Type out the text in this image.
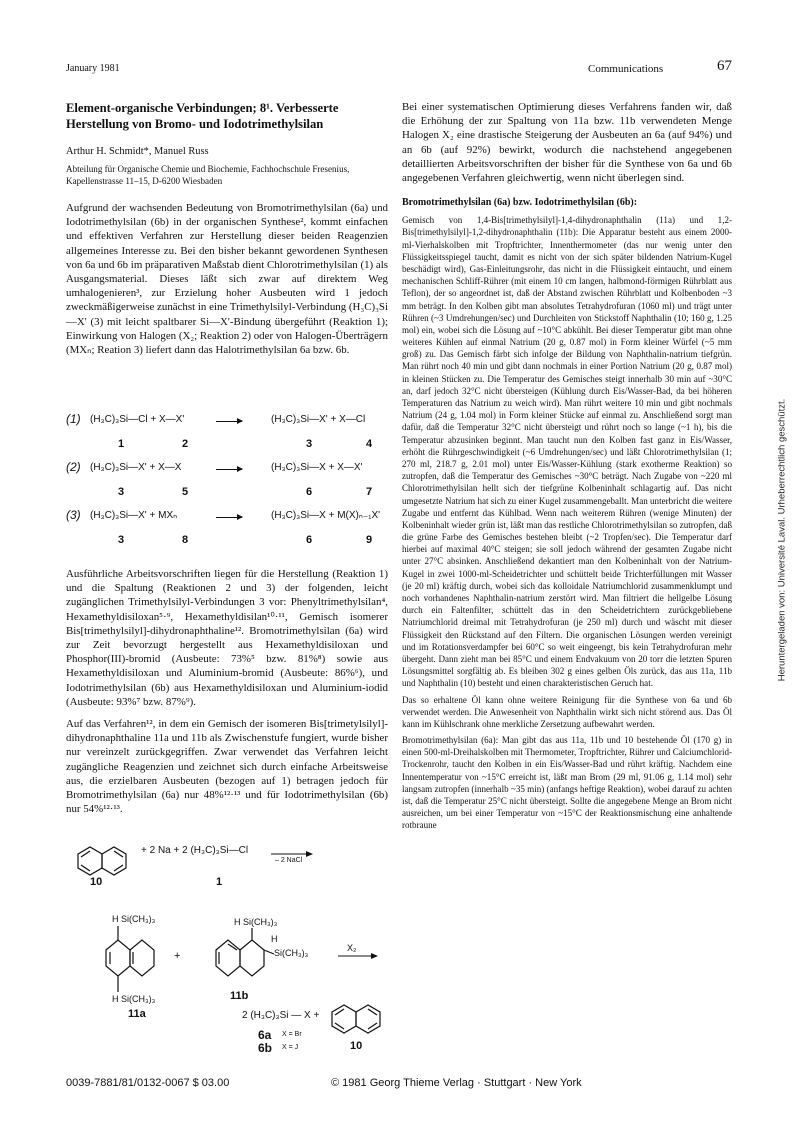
January 1981	Communications	67

Element-organische Verbindungen; 8¹. Verbesserte Herstellung von Bromo- und Iodotrimethylsilan

Arthur H. Schmidt*, Manuel Russ

Abteilung für Organische Chemie und Biochemie, Fachhochschule Fresenius, Kapellenstrasse 11–15, D-6200 Wiesbaden

Aufgrund der wachsenden Bedeutung von Bromotrimethylsilan (6a) und Iodotrimethylsilan (6b) in der organischen Synthese², kommt einfachen und effektiven Verfahren zur Herstellung dieser beiden Reagenzien allgemeines Interesse zu. Bei den bisher bekannt gewordenen Synthesen von 6a und 6b im präparativen Maßstab dient Chlorotrimethylsilan (1) als Ausgangsmaterial. Dieses läßt sich zwar auf direktem Weg umhalogenieren³, zur Erzielung hoher Ausbeuten wird 1 jedoch zweckmäßigerweise zunächst in eine Trimethylsilyl-Verbindung (H₃C)₃Si—X' (3) mit leicht spaltbarer Si—X'-Bindung übergeführt (Reaktion 1); Einwirkung von Halogen (X₂; Reaktion 2) oder von Halogen-Überträgern (MXₙ; Reation 3) liefert dann das Halotrimethylsilan 6a bzw. 6b.

(1) (H₃C)₃Si—Cl + X—X'	(H₃C)₃Si—X' + X—Cl
1	2	3	4
(2) (H₃C)₃Si—X' + X—X	(H₃C)₃Si—X + X—X'
3	5	6	7
(3) (H₃C)₃Si—X' + MXₙ	(H₃C)₃Si—X + M(X)ₙ₋₁X'
3	8	6	9

Ausführliche Arbeitsvorschriften liegen für die Herstellung (Reaktion 1) und die Spaltung (Reaktionen 2 und 3) der folgenden, leicht zugänglichen Trimethylsilyl-Verbindungen 3 vor: Phenyltrimethylsilan⁴, Hexamethyldisiloxan⁵·⁹, Hexamethyldisilan¹⁰·¹¹, Gemisch isomerer Bis[trimethylsilyl]-dihydronaphthaline¹². Bromotrimethylsilan (6a) wird zur Zeit bevorzugt hergestellt aus Hexamethyldisiloxan und Phosphor(III)-bromid (Ausbeute: 73%⁵ bzw. 81%⁸) sowie aus Hexamethyldisiloxan und Aluminium-bromid (Ausbeute: 86%⁶), und Iodotrimethylsilan (6b) aus Hexamethyldisiloxan und Aluminium-iodid (Ausbeute: 93%⁷ bzw. 87%⁹).

Auf das Verfahren¹², in dem ein Gemisch der isomeren Bis[trimetylsilyl]-dihydronaphthaline 11a und 11b als Zwischenstufe fungiert, wurde bisher nur vereinzelt zurückgegriffen. Zwar verwendet das Verfahren leicht zugängliche Reagenzien und zeichnet sich durch einfache Arbeitsweise aus, die erzielbaren Ausbeuten (bezogen auf 1) betragen jedoch für Bromotrimethylsilan (6a) nur 48%¹²·¹³ und für Iodotrimethylsilan (6b) nur 54%¹²·¹³.

+ 2 Na + 2 (H₃C)₃Si—Cl
– 2 NaCl
10	1
H Si(CH₃)₃
H Si(CH₃)₃
11a
+
H Si(CH₃)₃
Si(CH₃)₃
H
11b
X₂
2 (H₃C)₃Si — X +
6a X = Br
6b X = J	10

Bei einer systematischen Optimierung dieses Verfahrens fanden wir, daß die Erhöhung der zur Spaltung von 11a bzw. 11b verwendeten Menge Halogen X₂ eine drastische Steigerung der Ausbeuten an 6a (auf 94%) und an 6b (auf 92%) bewirkt, wodurch die nachstehend angegebenen detaillierten Arbeitsvorschriften der bisher für die Synthese von 6a und 6b angegebenen Verfahren gleichwertig, wenn nicht überlegen sind.

Bromotrimethylsilan (6a) bzw. Iodotrimethylsilan (6b):

Gemisch von 1,4-Bis[trimethylsilyl]-1,4-dihydronaphthalin (11a) und 1,2-Bis[trimethylsilyl]-1,2-dihydronaphthalin (11b): Die Apparatur besteht aus einem 2000-ml-Vierhalskolben mit Tropftrichter, Innenthermometer (das nur wenig unter den Flüssigkeitsspiegel taucht, damit es nicht von der sich später bildenden Natrium-Kugel beschädigt wird), Gas-Einleitungsrohr, das nicht in die Flüssigkeit eintaucht, und einem mechanischen Schliff-Rührer (mit einem 10 cm langen, halbmond-förmigen Rührblatt aus Teflon), der so angeordnet ist, daß der Abstand zwischen Rührblatt und Kolbenboden ~3 mm beträgt. In den Kolben gibt man absolutes Tetrahydrofuran (1060 ml) und trägt unter Rühren (~3 Umdrehungen/sec) und Durchleiten von Stickstoff Naphthalin (10; 160 g, 1.25 mol) ein, wobei sich die Lösung auf ~10°C abkühlt. Bei dieser Temperatur gibt man ohne weiteres Kühlen auf einmal Natrium (20 g, 0.87 mol) in Form kleiner Würfel (~5 mm groß) zu. Das Gemisch färbt sich infolge der Bildung von Naphthalin-natrium tiefgrün. Man rührt noch 40 min und gibt dann nochmals in einer Portion Natrium (20 g, 0.87 mol) in kleinen Stücken zu. Die Temperatur des Gemisches steigt innerhalb 30 min auf ~30°C an, darf jedoch 32°C nicht übersteigen (Kühlung durch Eis/Wasser-Bad, da bei höheren Temperaturen das Natrium zu weich wird). Man rührt weitere 10 min und gibt nochmals Natrium (24 g, 1.04 mol) in Form kleiner Stücke auf einmal zu. Anschließend sorgt man dafür, daß die Temperatur 32°C nicht übersteigt und rührt noch so lange (~1 h), bis die Temperatur abzusinken beginnt. Man taucht nun den Kolben fast ganz in Eis/Wasser, erhöht die Rührgeschwindigkeit (~6 Umdrehungen/sec) und läßt Chlorotrimethylsilan (1; 270 ml, 218.7 g, 2.01 mol) unter Eis/Wasser-Kühlung (stark exotherme Reaktion) so zutropfen, daß die Temperatur des Gemisches ~30°C beträgt. Nach Zugabe von ~220 ml Chlorotrimethylsilan hellt sich der tiefgrüne Kolbeninhalt schlagartig auf. Das nicht umgesetzte Natrium hat sich zu einer Kugel zusammengeballt. Man unterbricht die weitere Zugabe und entfernt das Kühlbad. Wenn nach weiterem Rühren (wenige Minuten) der Kolbeninhalt wieder grün ist, läßt man das restliche Chlorotrimethylsilan so zutropfen, daß die grüne Farbe des Gemisches bestehen bleibt (~2 Tropfen/sec). Die Temperatur darf hierbei auf maximal 40°C steigen; sie soll jedoch während der gesamten Zugabe nicht unter 27°C absinken. Anschließend dekantiert man den Kolbeninhalt von der Natrium-Kugel in zwei 1000-ml-Scheidetrichter und schüttelt beide Trichterfüllungen mit Wasser (je 20 ml) kräftig durch, wobei sich das kolloidale Natriumchlorid zusammenklumpt und noch vorhandenes Naphthalin-natrium zerstört wird. Man filtriert die hellgelbe Lösung durch ein Faltenfilter, schüttelt das in den Scheidetrichtern zurückgebliebene Natriumchlorid dreimal mit Tetrahydrofuran (je 250 ml) durch und wäscht mit dieser Flüssigkeit den Rückstand auf den Filtern. Die organischen Lösungen werden vereinigt und im Rotationsverdampfer bei 60°C so weit eingeengt, bis kein Tetrahydrofuran mehr übergeht. Dann zieht man bei 85°C und einem Endvakuum von 20 torr die letzten Spuren Lösungsmittel sorgfältig ab. Es bleiben 302 g eines gelben Öls zurück, das aus 11a, 11b und Naphthalin (10) besteht und einen charakteristischen Geruch hat.

Das so erhaltene Öl kann ohne weitere Reinigung für die Synthese von 6a und 6b verwendet werden. Die Anwesenheit von Naphthalin wirkt sich nicht störend aus. Das Öl kann im Kühlschrank ohne merkliche Zersetzung aufbewahrt werden.

Bromotrimethylsilan (6a): Man gibt das aus 11a, 11b und 10 bestehende Öl (170 g) in einen 500-ml-Dreihalskolben mit Thermometer, Tropftrichter, Rührer und Calciumchlorid-Trockenrohr, taucht den Kolben in ein Eis/Wasser-Bad und rührt kräftig. Nachdem eine Innentemperatur von ~15°C erreicht ist, läßt man Brom (29 ml, 91.06 g, 1.14 mol) sehr langsam zutropfen (innerhalb ~35 min) (anfangs heftige Reaktion), wobei darauf zu achten ist, daß die Temperatur 25°C nicht übersteigt. Sollte die angegebene Menge an Brom nicht ausreichen, um bei einer Temperatur von ~15°C der Reaktionsmischung eine anhaltende rotbraune

0039-7881/81/0132-0067 $ 03.00	© 1981 Georg Thieme Verlag · Stuttgart · New York
Heruntergeladen von: Université Laval. Urheberrechtlich geschützt.
